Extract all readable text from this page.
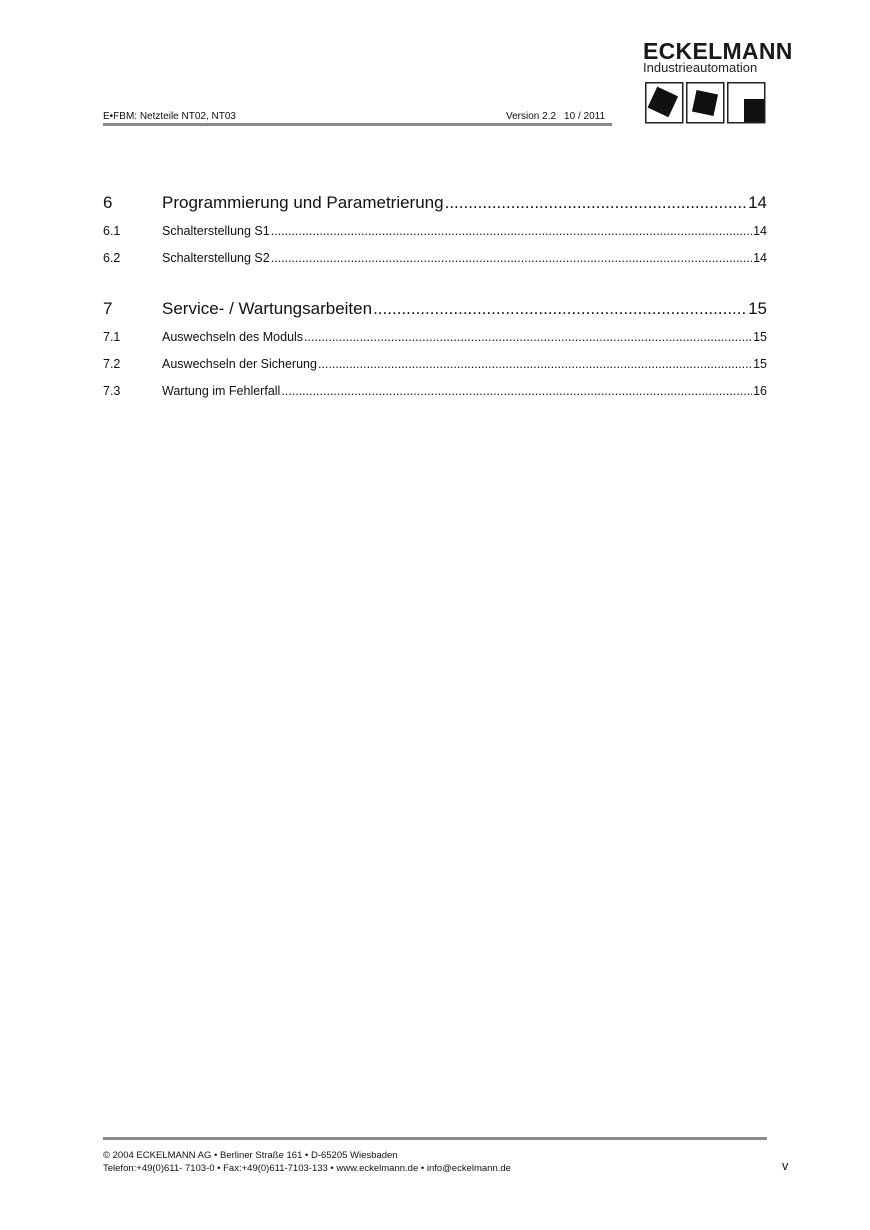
E•FBM: Netzteile NT02, NT03	Version 2.2 10 / 2011
ECKELMANN
Industrieautomation
6	Programmierung und Parametrierung .....	14
6.1	Schalterstellung S1 .....	14
6.2	Schalterstellung S2 .....	14
7	Service- / Wartungsarbeiten .....	15
7.1	Auswechseln des Moduls .....	15
7.2	Auswechseln der Sicherung .....	15
7.3	Wartung im Fehlerfall .....	16
© 2004 ECKELMANN AG • Berliner Straße 161 • D-65205 Wiesbaden
Telefon:+49(0)611- 7103-0 • Fax:+49(0)611-7103-133 • www.eckelmann.de • info@eckelmann.de	v
